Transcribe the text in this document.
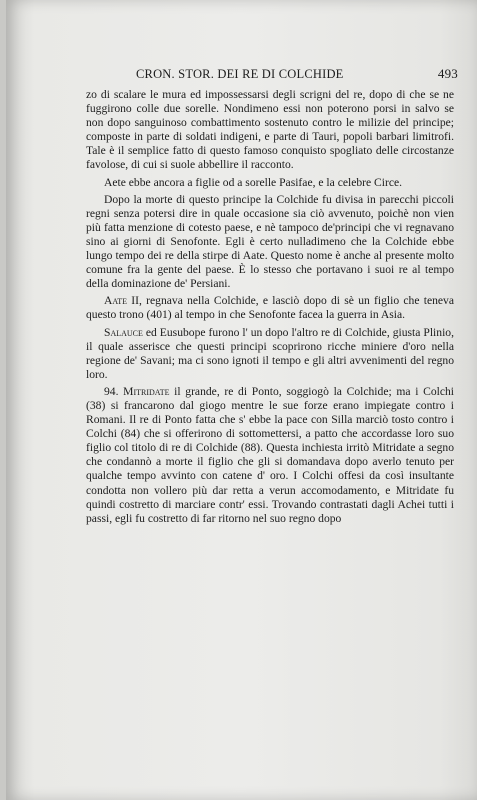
CRON. STOR. DEI RE DI COLCHIDE	493

zo di scalare le mura ed impossessarsi degli scrigni del re, dopo di che se ne fuggirono colle due sorelle. Nondimeno essi non poterono porsi in salvo se non dopo sanguinoso combattimento sostenuto contro le milizie del principe; composte in parte di soldati indigeni, e parte di Tauri, popoli barbari limitrofi. Tale è il semplice fatto di questo famoso conquisto spogliato delle circostanze favolose, di cui si suole abbellire il racconto.

Aete ebbe ancora a figlie od a sorelle Pasifae, e la celebre Circe.

Dopo la morte di questo principe la Colchide fu divisa in parecchi piccoli regni senza potersi dire in quale occasione sia ciò avvenuto, poichè non vien più fatta menzione di cotesto paese, e nè tampoco de'principi che vi regnavano sino ai giorni di Senofonte. Egli è certo nulladimeno che la Colchide ebbe lungo tempo dei re della stirpe di Aate. Questo nome è anche al presente molto comune fra la gente del paese. È lo stesso che portavano i suoi re al tempo della dominazione de' Persiani.

Aate II, regnava nella Colchide, e lasciò dopo di sè un figlio che teneva questo trono (401) al tempo in che Senofonte facea la guerra in Asia.

Salauce ed Eusubope furono l' un dopo l'altro re di Colchide, giusta Plinio, il quale asserisce che questi principi scoprirono ricche miniere d'oro nella regione de' Savani; ma ci sono ignoti il tempo e gli altri avvenimenti del regno loro.

94. Mitridate il grande, re di Ponto, soggiogò la Colchide; ma i Colchi (38) si francarono dal giogo mentre le sue forze erano impiegate contro i Romani. Il re di Ponto fatta che s' ebbe la pace con Silla marciò tosto contro i Colchi (84) che si offerirono di sottomettersi, a patto che accordasse loro suo figlio col titolo di re di Colchide (88). Questa inchiesta irritò Mitridate a segno che condannò a morte il figlio che gli si domandava dopo averlo tenuto per qualche tempo avvinto con catene d' oro. I Colchi offesi da così insultante condotta non vollero più dar retta a verun accomodamento, e Mitridate fu quindi costretto di marciare contr' essi. Trovando contrastati dagli Achei tutti i passi, egli fu costretto di far ritorno nel suo regno dopo
